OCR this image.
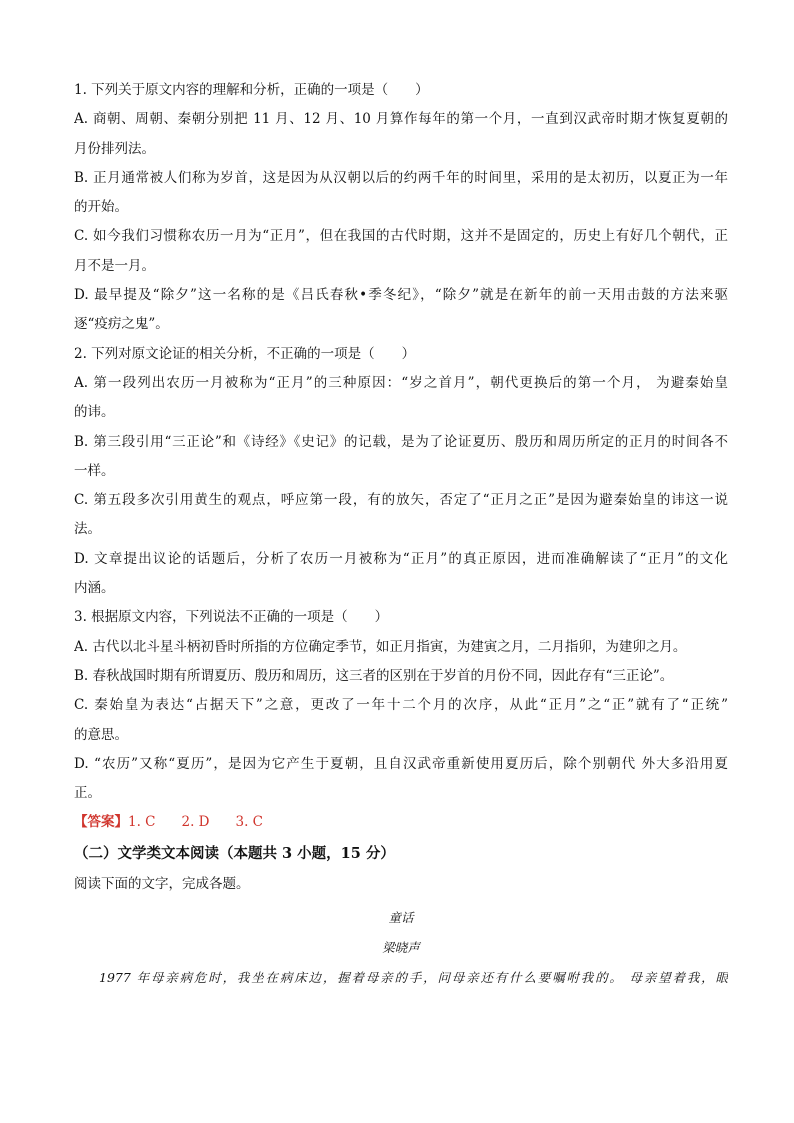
1. 下列关于原文内容的理解和分析，正确的一项是（　　）
A. 商朝、周朝、秦朝分别把 11 月、12 月、10 月算作每年的第一个月，一直到汉武帝时期才恢复夏朝的
月份排列法。
B. 正月通常被人们称为岁首，这是因为从汉朝以后的约两千年的时间里，采用的是太初历，以夏正为一年
的开始。
C. 如今我们习惯称农历一月为“正月”，但在我国的古代时期，这并不是固定的，历史上有好几个朝代，正
月不是一月。
D. 最早提及“除夕”这一名称的是《吕氏春秋•季冬纪》，“除夕”就是在新年的前一天用击鼓的方法来驱
逐“疫疠之鬼”。
2. 下列对原文论证的相关分析，不正确的一项是（　　）
A. 第一段列出农历一月被称为“正月”的三种原因：“岁之首月”，朝代更换后的第一个月， 为避秦始皇
的讳。
B. 第三段引用“三正论”和《诗经》《史记》的记载，是为了论证夏历、殷历和周历所定的正月的时间各不
一样。
C. 第五段多次引用黄生的观点，呼应第一段，有的放矢，否定了“正月之正”是因为避秦始皇的讳这一说
法。
D. 文章提出议论的话题后，分析了农历一月被称为“正月”的真正原因，进而准确解读了“正月”的文化
内涵。
3. 根据原文内容，下列说法不正确的一项是（　　）
A. 古代以北斗星斗柄初昏时所指的方位确定季节，如正月指寅，为建寅之月，二月指卯，为建卯之月。
B. 春秋战国时期有所谓夏历、殷历和周历，这三者的区别在于岁首的月份不同，因此存有“三正论”。
C. 秦始皇为表达“占据天下”之意，更改了一年十二个月的次序，从此“正月”之“正”就有了“正统”
的意思。
D. “农历”又称“夏历”，是因为它产生于夏朝，且自汉武帝重新使用夏历后，除个别朝代 外大多沿用夏
正。
【答案】1. C 2. D 3. C
（二）文学类文本阅读（本题共 3 小题，15 分）
阅读下面的文字，完成各题。
童话
梁晓声
1977 年母亲病危时，我坐在病床边，握着母亲的手，问母亲还有什么要嘱咐我的。 母亲望着我，眼
